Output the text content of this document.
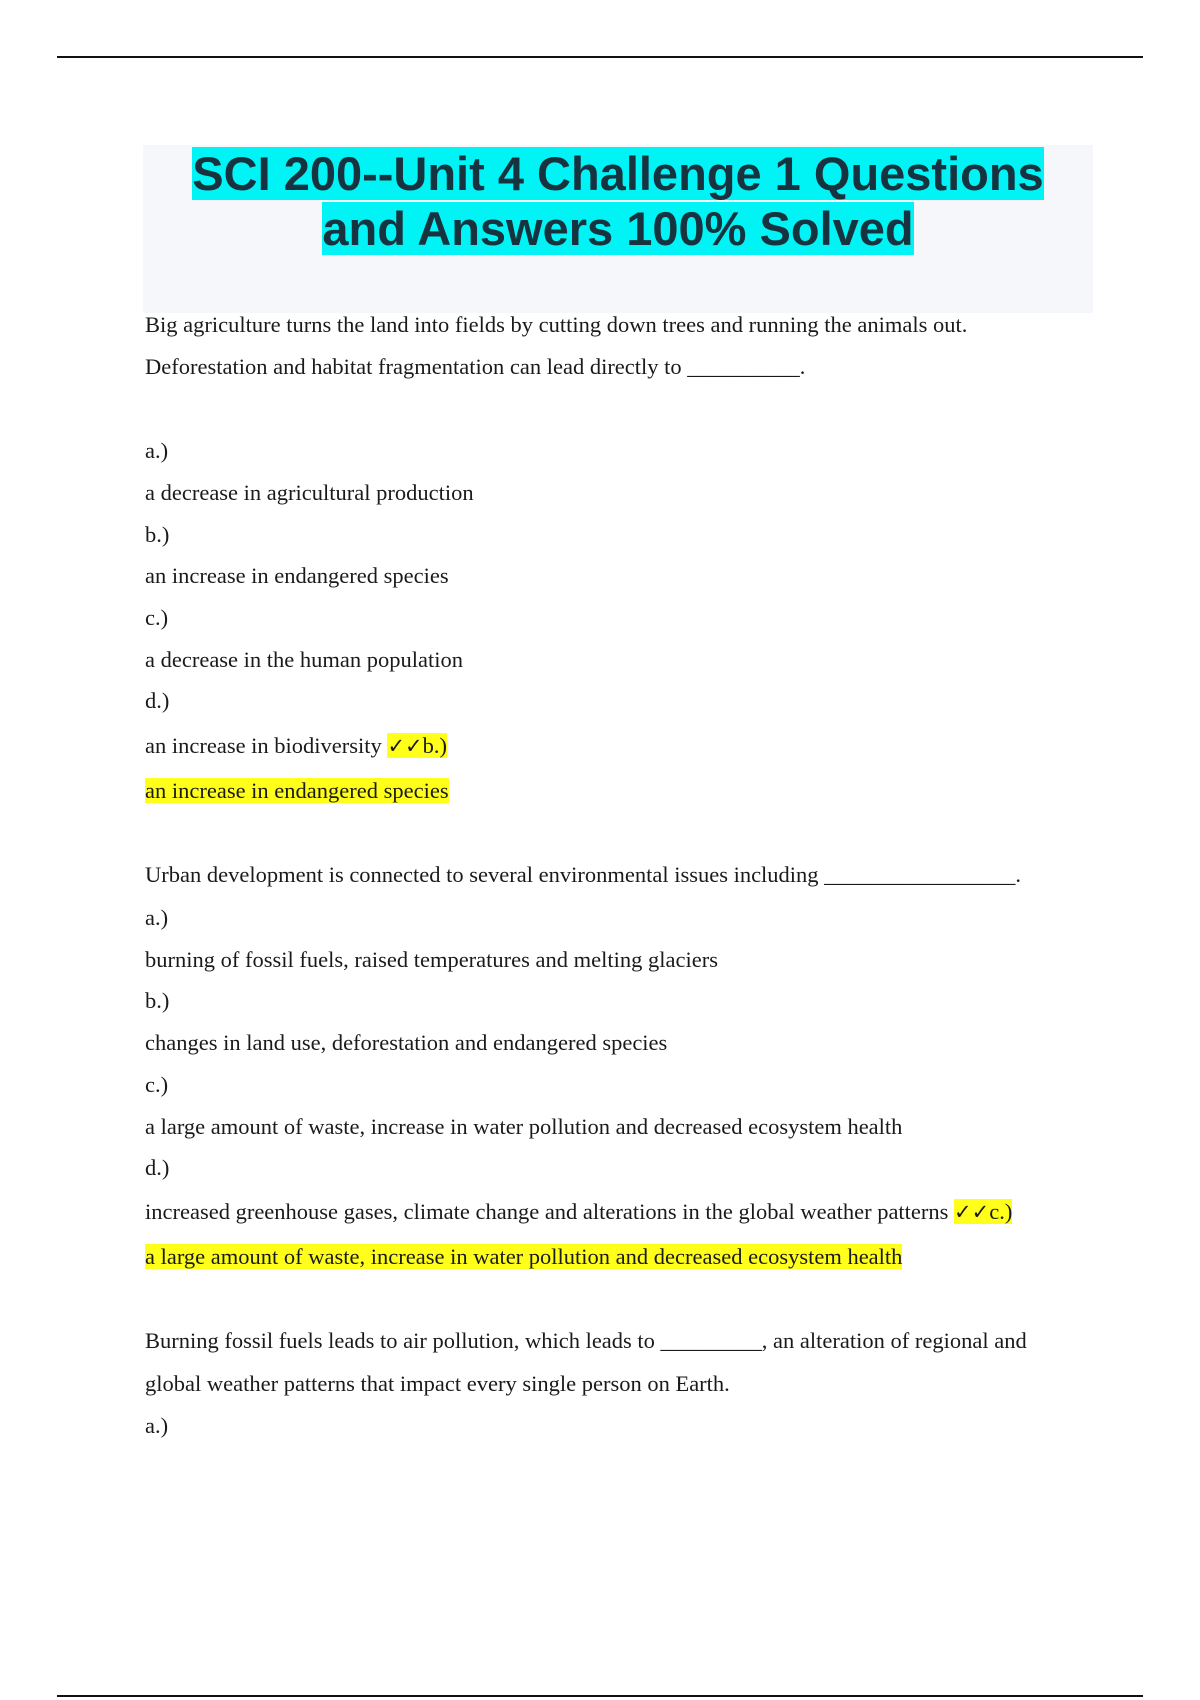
SCI 200--Unit 4 Challenge 1 Questions
and Answers 100% Solved
Big agriculture turns the land into fields by cutting down trees and running the animals out.
Deforestation and habitat fragmentation can lead directly to __________.
a.)
a decrease in agricultural production
b.)
an increase in endangered species
c.)
a decrease in the human population
d.)
an increase in biodiversity ✓✓b.)
an increase in endangered species
Urban development is connected to several environmental issues including _________________.
a.)
burning of fossil fuels, raised temperatures and melting glaciers
b.)
changes in land use, deforestation and endangered species
c.)
a large amount of waste, increase in water pollution and decreased ecosystem health
d.)
increased greenhouse gases, climate change and alterations in the global weather patterns ✓✓c.)
a large amount of waste, increase in water pollution and decreased ecosystem health
Burning fossil fuels leads to air pollution, which leads to _________, an alteration of regional and
global weather patterns that impact every single person on Earth.
a.)
